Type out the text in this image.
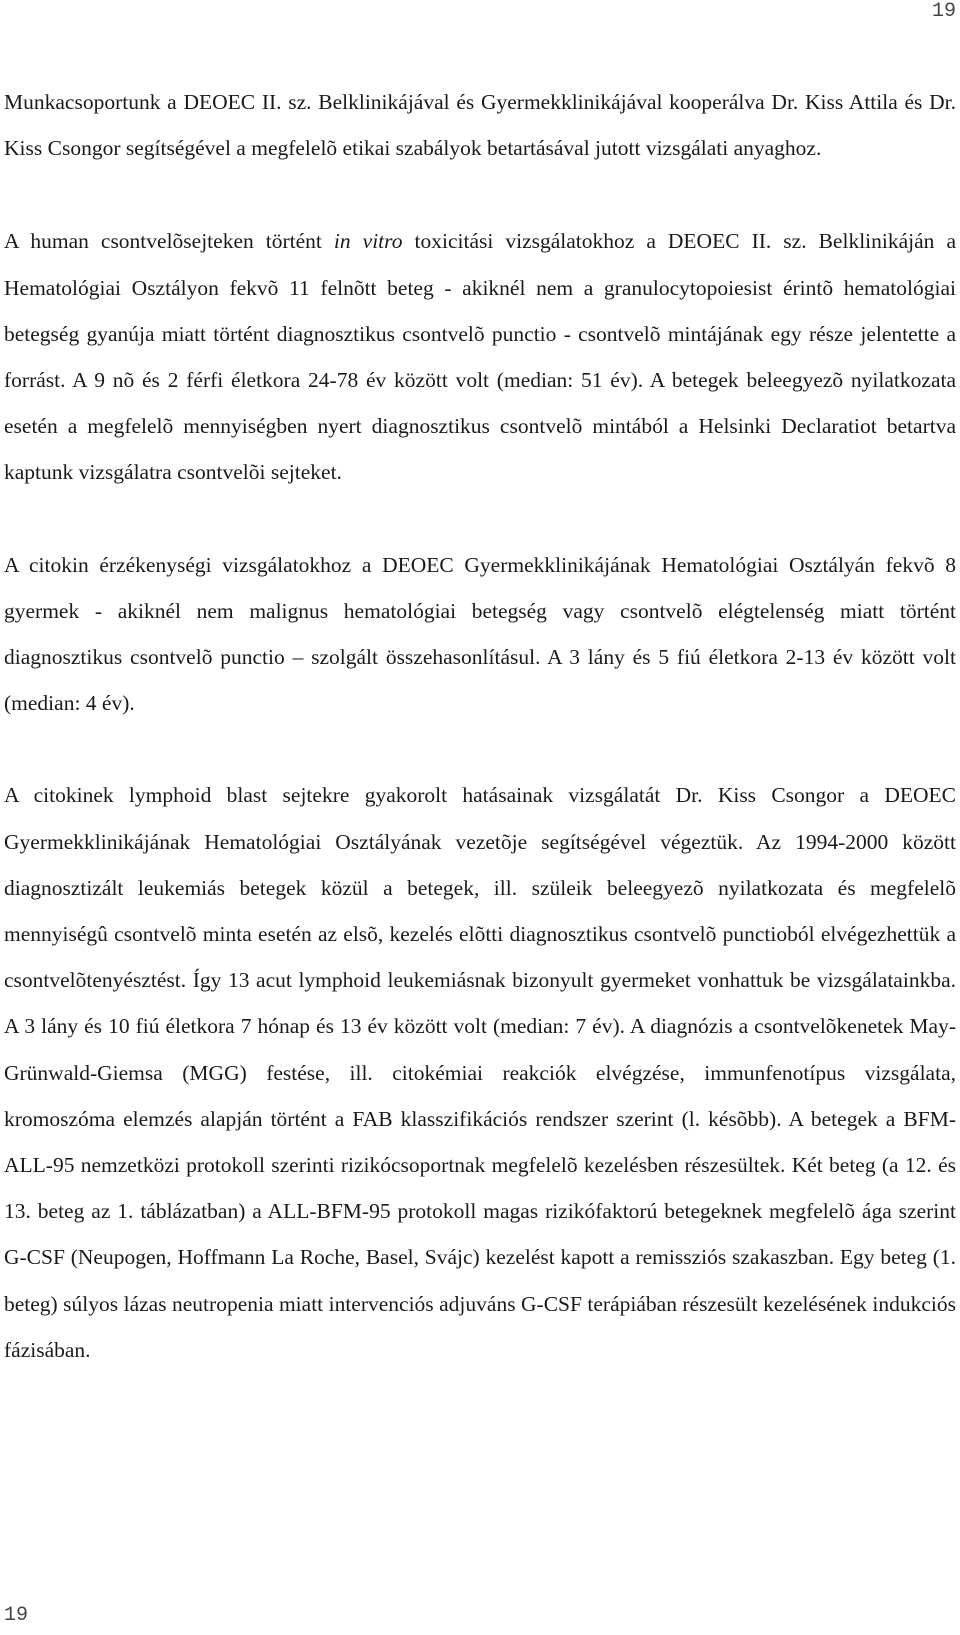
19

Munkacsoportunk a DEOEC II. sz. Belklinikájával és Gyermekklinikájával kooperálva Dr. Kiss Attila és Dr. Kiss Csongor segítségével a megfelelõ etikai szabályok betartásával jutott vizsgálati anyaghoz.

A human csontvelõsejteken történt in vitro toxicitási vizsgálatokhoz a DEOEC II. sz. Belklinikáján a Hematológiai Osztályon fekvõ 11 felnõtt beteg - akiknél nem a granulocytopoiesist érintõ hematológiai betegség gyanúja miatt történt diagnosztikus csontvelõ punctio - csontvelõ mintájának egy része jelentette a forrást. A 9 nõ és 2 férfi életkora 24-78 év között volt (median: 51 év). A betegek beleegyezõ nyilatkozata esetén a megfelelõ mennyiségben nyert diagnosztikus csontvelõ mintából a Helsinki Declaratiot betartva kaptunk vizsgálatra csontvelõi sejteket.

A citokin érzékenységi vizsgálatokhoz a DEOEC Gyermekklinikájának Hematológiai Osztályán fekvõ 8 gyermek - akiknél nem malignus hematológiai betegség vagy csontvelõ elégtelenség miatt történt diagnosztikus csontvelõ punctio – szolgált összehasonlításul. A 3 lány és 5 fiú életkora 2-13 év között volt (median: 4 év).

A citokinek lymphoid blast sejtekre gyakorolt hatásainak vizsgálatát Dr. Kiss Csongor a DEOEC Gyermekklinikájának Hematológiai Osztályának vezetõje segítségével végeztük. Az 1994-2000 között diagnosztizált leukemiás betegek közül a betegek, ill. szüleik beleegyezõ nyilatkozata és megfelelõ mennyiségû csontvelõ minta esetén az elsõ, kezelés elõtti diagnosztikus csontvelõ punctioból elvégezhettük a csontvelõtenyésztést. Így 13 acut lymphoid leukemiásnak bizonyult gyermeket vonhattuk be vizsgálatainkba. A 3 lány és 10 fiú életkora 7 hónap és 13 év között volt (median: 7 év). A diagnózis a csontvelõkenetek May-Grünwald-Giemsa (MGG) festése, ill. citokémiai reakciók elvégzése, immunfenotípus vizsgálata, kromoszóma elemzés alapján történt a FAB klasszifikációs rendszer szerint (l. késõbb). A betegek a BFM-ALL-95 nemzetközi protokoll szerinti rizikócsoportnak megfelelõ kezelésben részesültek. Két beteg (a 12. és 13. beteg az 1. táblázatban) a ALL-BFM-95 protokoll magas rizikófaktorú betegeknek megfelelõ ága szerint G-CSF (Neupogen, Hoffmann La Roche, Basel, Svájc) kezelést kapott a remissziós szakaszban. Egy beteg (1. beteg) súlyos lázas neutropenia miatt intervenciós adjuváns G-CSF terápiában részesült kezelésének indukciós fázisában.

19
